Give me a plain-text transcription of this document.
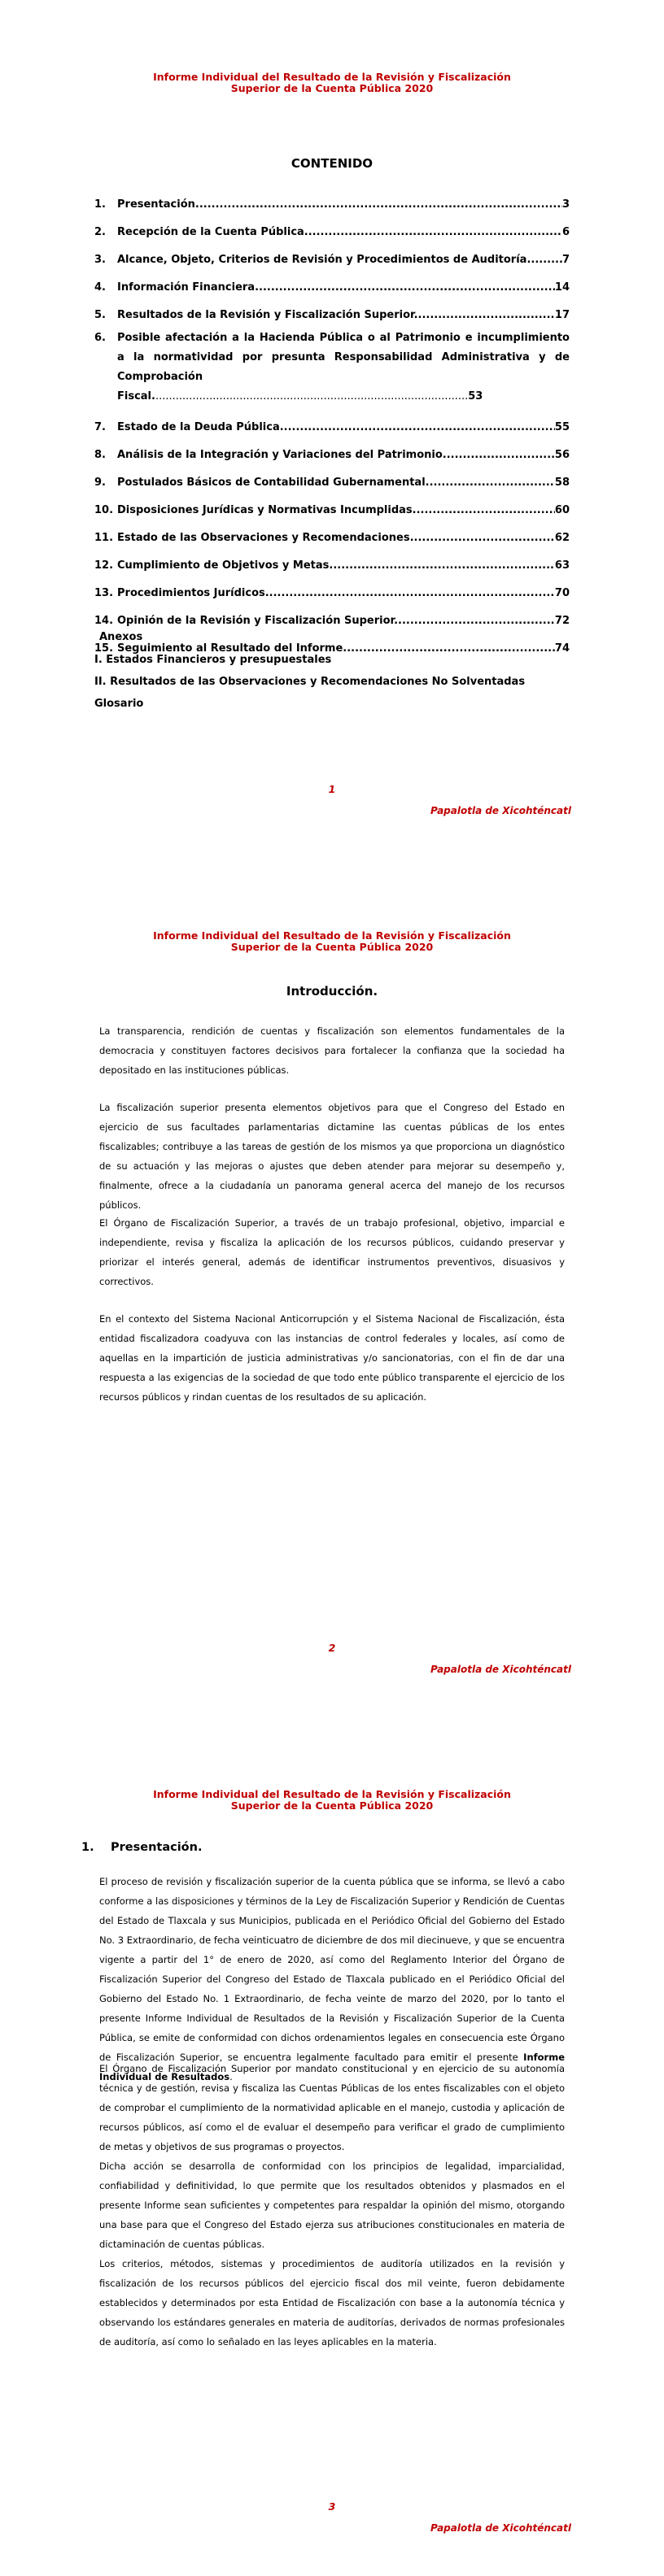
Informe Individual del Resultado de la Revisión y Fiscalización
Superior de la Cuenta Pública 2020
CONTENIDO
1.	Presentación. .....	3
2.	Recepción de la Cuenta Pública .....	6
3.	Alcance, Objeto, Criterios de Revisión y Procedimientos de Auditoría .....	7
4.	Información Financiera. .....	14
5.	Resultados de la Revisión y Fiscalización Superior. .....	17
6.	Posible afectación a la Hacienda Pública o al Patrimonio e incumplimiento a la normatividad por presunta Responsabilidad Administrativa y de Comprobación Fiscal..............................................................................................53
7.	Estado de la Deuda Pública. .....	55
8.	Análisis de la Integración y Variaciones del Patrimonio. .....	56
9.	Postulados Básicos de Contabilidad Gubernamental. .....	58
10. Disposiciones Jurídicas y Normativas Incumplidas. .....	60
11. Estado de las Observaciones y Recomendaciones. .....	62
12. Cumplimiento de Objetivos y Metas. .....	63
13. Procedimientos Jurídicos. .....	70
14. Opinión de la Revisión y Fiscalización Superior. .....	72
15. Seguimiento al Resultado del Informe. .....	74
Anexos
I. Estados Financieros y presupuestales
II. Resultados de las Observaciones y Recomendaciones No Solventadas
Glosario
1
Papalotla de Xicohténcatl
Informe Individual del Resultado de la Revisión y Fiscalización
Superior de la Cuenta Pública 2020
Introducción.
La transparencia, rendición de cuentas y fiscalización son elementos fundamentales de la democracia y constituyen factores decisivos para fortalecer la confianza que la sociedad ha depositado en las instituciones públicas.
La fiscalización superior presenta elementos objetivos para que el Congreso del Estado en ejercicio de sus facultades parlamentarias dictamine las cuentas públicas de los entes fiscalizables; contribuye a las tareas de gestión de los mismos ya que proporciona un diagnóstico de su actuación y las mejoras o ajustes que deben atender para mejorar su desempeño y, finalmente, ofrece a la ciudadanía un panorama general acerca del manejo de los recursos públicos.
El Órgano de Fiscalización Superior, a través de un trabajo profesional, objetivo, imparcial e independiente, revisa y fiscaliza la aplicación de los recursos públicos, cuidando preservar y priorizar el interés general, además de identificar instrumentos preventivos, disuasivos y correctivos.
En el contexto del Sistema Nacional Anticorrupción y el Sistema Nacional de Fiscalización, ésta entidad fiscalizadora coadyuva con las instancias de control federales y locales, así como de aquellas en la impartición de justicia administrativas y/o sancionatorias, con el fin de dar una respuesta a las exigencias de la sociedad de que todo ente público transparente el ejercicio de los recursos públicos y rindan cuentas de los resultados de su aplicación.
2
Papalotla de Xicohténcatl
Informe Individual del Resultado de la Revisión y Fiscalización
Superior de la Cuenta Pública 2020
1. Presentación.
El proceso de revisión y fiscalización superior de la cuenta pública que se informa, se llevó a cabo conforme a las disposiciones y términos de la Ley de Fiscalización Superior y Rendición de Cuentas del Estado de Tlaxcala y sus Municipios, publicada en el Periódico Oficial del Gobierno del Estado No. 3 Extraordinario, de fecha veinticuatro de diciembre de dos mil diecinueve, y que se encuentra vigente a partir del 1° de enero de 2020, así como del Reglamento Interior del Órgano de Fiscalización Superior del Congreso del Estado de Tlaxcala publicado en el Periódico Oficial del Gobierno del Estado No. 1 Extraordinario, de fecha veinte de marzo del 2020, por lo tanto el presente Informe Individual de Resultados de la Revisión y Fiscalización Superior de la Cuenta Pública, se emite de conformidad con dichos ordenamientos legales en consecuencia este Órgano de Fiscalización Superior, se encuentra legalmente facultado para emitir el presente Informe Individual de Resultados.
El Órgano de Fiscalización Superior por mandato constitucional y en ejercicio de su autonomía técnica y de gestión, revisa y fiscaliza las Cuentas Públicas de los entes fiscalizables con el objeto de comprobar el cumplimiento de la normatividad aplicable en el manejo, custodia y aplicación de recursos públicos, así como el de evaluar el desempeño para verificar el grado de cumplimiento de metas y objetivos de sus programas o proyectos.
Dicha acción se desarrolla de conformidad con los principios de legalidad, imparcialidad, confiabilidad y definitividad, lo que permite que los resultados obtenidos y plasmados en el presente Informe sean suficientes y competentes para respaldar la opinión del mismo, otorgando una base para que el Congreso del Estado ejerza sus atribuciones constitucionales en materia de dictaminación de cuentas públicas.
Los criterios, métodos, sistemas y procedimientos de auditoría utilizados en la revisión y fiscalización de los recursos públicos del ejercicio fiscal dos mil veinte, fueron debidamente establecidos y determinados por esta Entidad de Fiscalización con base a la autonomía técnica y observando los estándares generales en materia de auditorías, derivados de normas profesionales de auditoría, así como lo señalado en las leyes aplicables en la materia.
3
Papalotla de Xicohténcatl
